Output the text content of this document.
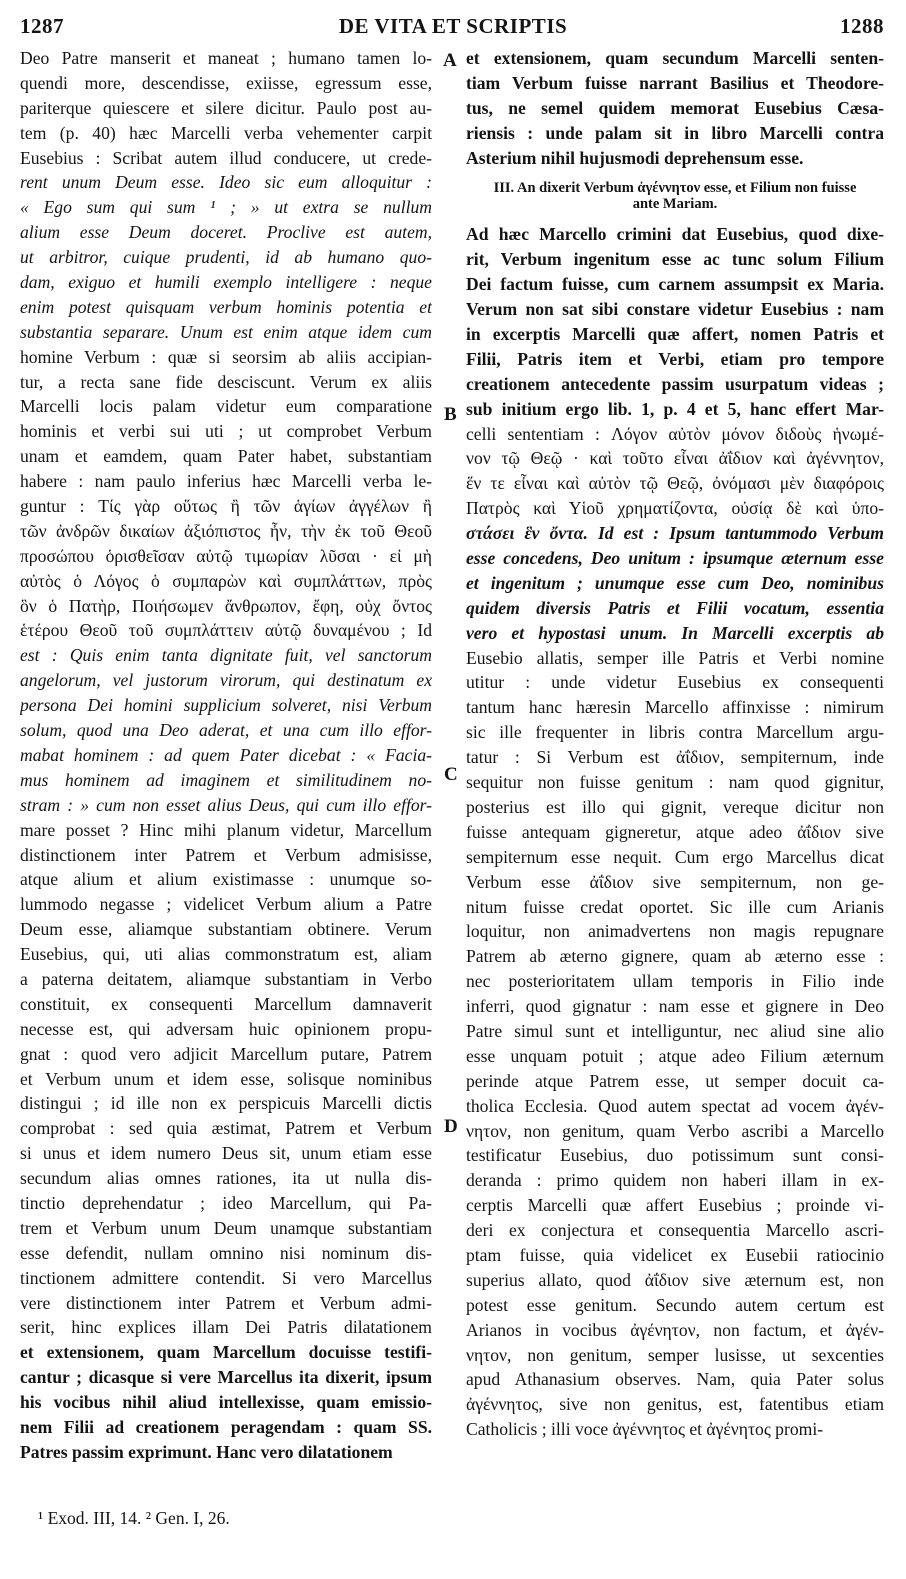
1287	DE VITA ET SCRIPTIS	1288
A
B
C
D
Deo Patre manserit et maneat ; humano tamen lo-
quendi more, descendisse, exiisse, egressum esse,
pariterque quiescere et silere dicitur. Paulo post au-
tem (p. 40) hæc Marcelli verba vehementer carpit
Eusebius : Scribat autem illud conducere, ut crede-
rent unum Deum esse. Ideo sic eum alloquitur :
« Ego sum qui sum ¹ ; » ut extra se nullum
alium esse Deum doceret. Proclive est autem,
ut arbitror, cuique prudenti, id ab humano quo-
dam, exiguo et humili exemplo intelligere : neque
enim potest quisquam verbum hominis potentia et
substantia separare. Unum est enim atque idem cum
homine Verbum : quæ si seorsim ab aliis accipian-
tur, a recta sane fide desciscunt. Verum ex aliis
Marcelli locis palam videtur eum comparatione
hominis et verbi sui uti ; ut comprobet Verbum
unam et eamdem, quam Pater habet, substantiam
habere : nam paulo inferius hæc Marcelli verba le-
guntur : Τίς γὰρ οὕτως ἢ τῶν ἁγίων ἀγγέλων ἢ
τῶν ἀνδρῶν δικαίων ἀξιόπιστος ἦν, τὴν ἐκ τοῦ Θεοῦ
προσώπου ὁρισθεῖσαν αὐτῷ τιμωρίαν λῦσαι · εἰ μὴ
αὐτὸς ὁ Λόγος ὁ συμπαρὼν καὶ συμπλάττων, πρὸς
ὃν ὁ Πατὴρ, Ποιήσωμεν ἄνθρωπον, ἔφη, οὐχ ὄντος
ἑτέρου Θεοῦ τοῦ συμπλάττειν αὐτῷ δυναμένου ; Id
est : Quis enim tanta dignitate fuit, vel sanctorum
angelorum, vel justorum virorum, qui destinatum ex
persona Dei homini supplicium solveret, nisi Verbum
solum, quod una Deo aderat, et una cum illo effor-
mabat hominem : ad quem Pater dicebat : « Facia-
mus hominem ad imaginem et similitudinem no-
stram : » cum non esset alius Deus, qui cum illo effor-
mare posset ? Hinc mihi planum videtur, Marcellum
distinctionem inter Patrem et Verbum admisisse,
atque alium et alium existimasse : unumque so-
lummodo negasse ; videlicet Verbum alium a Patre
Deum esse, aliamque substantiam obtinere. Verum
Eusebius, qui, uti alias commonstratum est, aliam
a paterna deitatem, aliamque substantiam in Verbo
constituit, ex consequenti Marcellum damnaverit
necesse est, qui adversam huic opinionem propu-
gnat : quod vero adjicit Marcellum putare, Patrem
et Verbum unum et idem esse, solisque nominibus
distingui ; id ille non ex perspicuis Marcelli dictis
comprobat : sed quia æstimat, Patrem et Verbum
si unus et idem numero Deus sit, unum etiam esse
secundum alias omnes rationes, ita ut nulla dis-
tinctio deprehendatur ; ideo Marcellum, qui Pa-
trem et Verbum unum Deum unamque substantiam
esse defendit, nullam omnino nisi nominum dis-
tinctionem admittere contendit. Si vero Marcellus
vere distinctionem inter Patrem et Verbum admi-
serit, hinc explices illam Dei Patris dilatationem
et extensionem, quam Marcellum docuisse testifi-
cantur ; dicasque si vere Marcellus ita dixerit, ipsum
his vocibus nihil aliud intellexisse, quam emissio-
nem Filii ad creationem peragendam : quam SS.
Patres passim exprimunt. Hanc vero dilatationem
et extensionem, quam secundum Marcelli senten-
tiam Verbum fuisse narrant Basilius et Theodore-
tus, ne semel quidem memorat Eusebius Cæsa-
riensis : unde palam sit in libro Marcelli contra
Asterium nihil hujusmodi deprehensum esse.
III. An dixerit Verbum ἀγέννητον esse, et Filium non fuisse
ante Mariam.
Ad hæc Marcello crimini dat Eusebius, quod dixe-
rit, Verbum ingenitum esse ac tunc solum Filium
Dei factum fuisse, cum carnem assumpsit ex Maria.
Verum non sat sibi constare videtur Eusebius : nam
in excerptis Marcelli quæ affert, nomen Patris et
Filii, Patris item et Verbi, etiam pro tempore
creationem antecedente passim usurpatum videas ;
sub initium ergo lib. 1, p. 4 et 5, hanc effert Mar-
celli sententiam : Λόγον αὐτὸν μόνον διδοὺς ἡνωμέ-
νον τῷ Θεῷ · καὶ τοῦτο εἶναι ἀΐδιον καὶ ἀγέννητον,
ἕν τε εἶναι καὶ αὐτὸν τῷ Θεῷ, ὀνόμασι μὲν διαφόροις
Πατρὸς καὶ Υἱοῦ χρηματίζοντα, οὐσίᾳ δὲ καὶ ὑπο-
στάσει ἓν ὄντα. Id est : Ipsum tantummodo Verbum
esse concedens, Deo unitum : ipsumque æternum esse
et ingenitum ; unumque esse cum Deo, nominibus
quidem diversis Patris et Filii vocatum, essentia
vero et hypostasi unum. In Marcelli excerptis ab
Eusebio allatis, semper ille Patris et Verbi nomine
utitur : unde videtur Eusebius ex consequenti
tantum hanc hæresin Marcello affinxisse : nimirum
sic ille frequenter in libris contra Marcellum argu-
tatur : Si Verbum est ἀΐδιον, sempiternum, inde
sequitur non fuisse genitum : nam quod gignitur,
posterius est illo qui gignit, vereque dicitur non
fuisse antequam gigneretur, atque adeo ἀΐδιον sive
sempiternum esse nequit. Cum ergo Marcellus dicat
Verbum esse ἀΐδιον sive sempiternum, non ge-
nitum fuisse credat oportet. Sic ille cum Arianis
loquitur, non animadvertens non magis repugnare
Patrem ab æterno gignere, quam ab æterno esse :
nec posterioritatem ullam temporis in Filio inde
inferri, quod gignatur : nam esse et gignere in Deo
Patre simul sunt et intelliguntur, nec aliud sine alio
esse unquam potuit ; atque adeo Filium æternum
perinde atque Patrem esse, ut semper docuit ca-
tholica Ecclesia. Quod autem spectat ad vocem ἀγέν-
νητον, non genitum, quam Verbo ascribi a Marcello
testificatur Eusebius, duo potissimum sunt consi-
deranda : primo quidem non haberi illam in ex-
cerptis Marcelli quæ affert Eusebius ; proinde vi-
deri ex conjectura et consequentia Marcello ascri-
ptam fuisse, quia videlicet ex Eusebii ratiocinio
superius allato, quod ἀΐδιον sive æternum est, non
potest esse genitum. Secundo autem certum est
Arianos in vocibus ἀγένητον, non factum, et ἀγέν-
νητον, non genitum, semper lusisse, ut sexcenties
apud Athanasium observes. Nam, quia Pater solus
ἀγέννητος, sive non genitus, est, fatentibus etiam
Catholicis ; illi voce ἀγέννητος et ἀγένητος promi-
¹ Exod. III, 14. ² Gen. I, 26.
